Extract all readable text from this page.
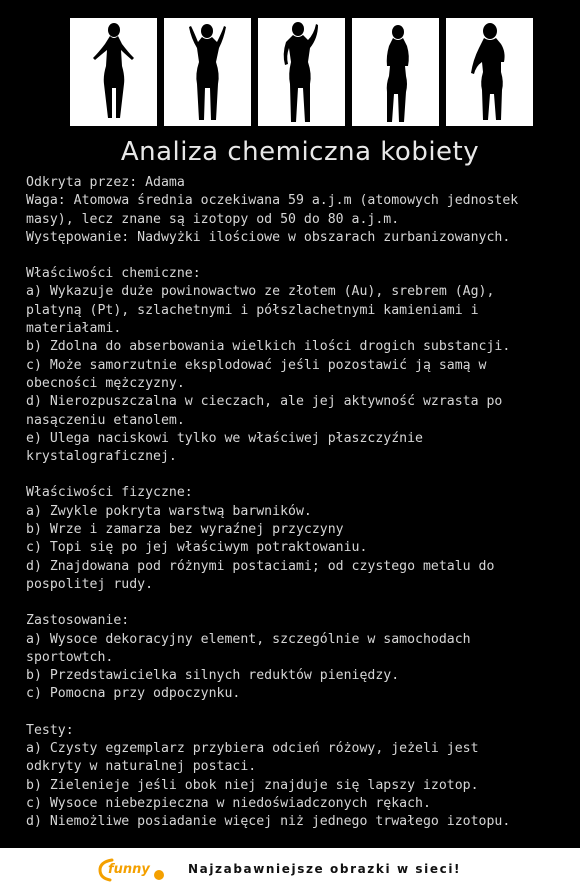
Analiza chemiczna kobiety

Odkryta przez: Adama

Waga: Atomowa średnia oczekiwana 59 a.j.m (atomowych jednostek

masy), lecz znane są izotopy od 50 do 80 a.j.m.

Występowanie: Nadwyżki ilościowe w obszarach zurbanizowanych.

Właściwości chemiczne:

a) Wykazuje duże powinowactwo ze złotem (Au), srebrem (Ag),

platyną (Pt), szlachetnymi i półszlachetnymi kamieniami i

materiałami.

b) Zdolna do abserbowania wielkich ilości drogich substancji.

c) Może samorzutnie eksplodować jeśli pozostawić ją samą w

obecności mężczyzny.

d) Nierozpuszczalna w cieczach, ale jej aktywność wzrasta po

nasączeniu etanolem.

e) Ulega naciskowi tylko we właściwej płaszczyźnie

krystalograficznej.

Właściwości fizyczne:

a) Zwykle pokryta warstwą barwników.

b) Wrze i zamarza bez wyraźnej przyczyny

c) Topi się po jej właściwym potraktowaniu.

d) Znajdowana pod różnymi postaciami; od czystego metalu do

pospolitej rudy.

Zastosowanie:

a) Wysoce dekoracyjny element, szczególnie w samochodach

sportowtch.

b) Przedstawicielka silnych reduktów pieniędzy.

c) Pomocna przy odpoczynku.

Testy:

a) Czysty egzemplarz przybiera odcień różowy, jeżeli jest

odkryty w naturalnej postaci.

b) Zielenieje jeśli obok niej znajduje się lapszy izotop.

c) Wysoce niebezpieczna w niedoświadczonych rękach.

d) Niemożliwe posiadanie więcej niż jednego trwałego izotopu.

funny	Najzabawniejsze obrazki w sieci!
